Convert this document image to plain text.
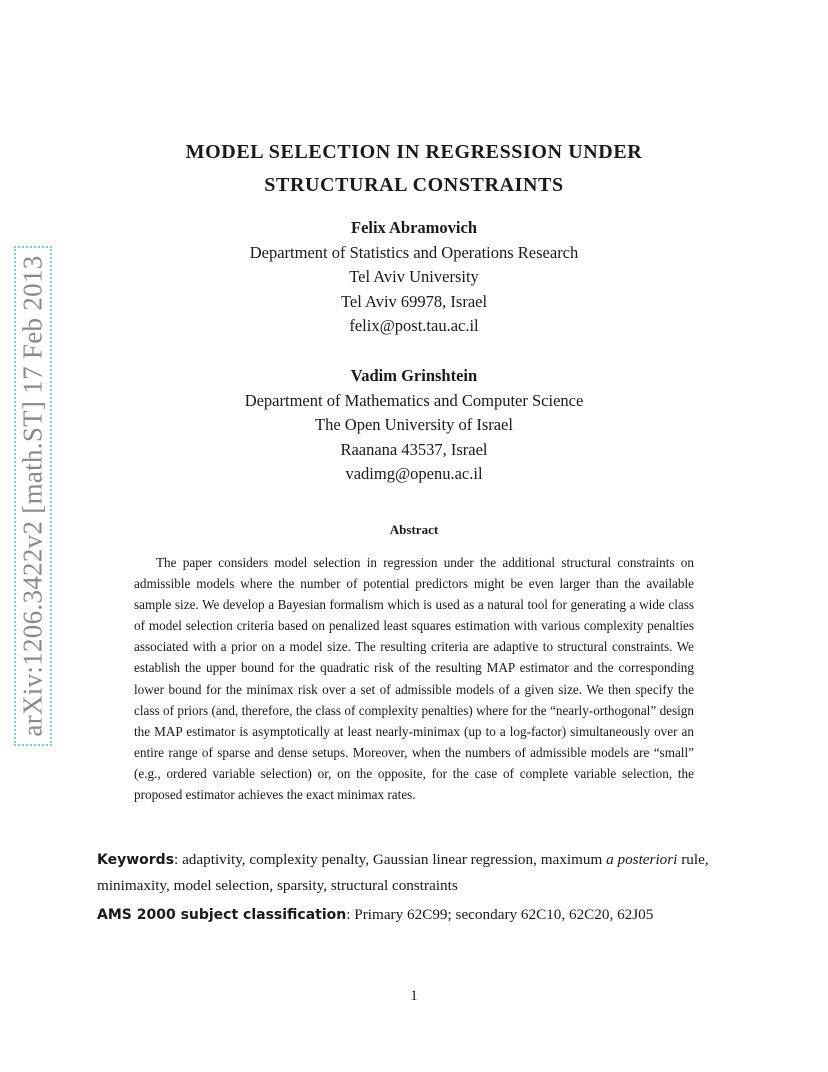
arXiv:1206.3422v2 [math.ST] 17 Feb 2013
MODEL SELECTION IN REGRESSION UNDER
STRUCTURAL CONSTRAINTS
Felix Abramovich
Department of Statistics and Operations Research
Tel Aviv University
Tel Aviv 69978, Israel
felix@post.tau.ac.il
Vadim Grinshtein
Department of Mathematics and Computer Science
The Open University of Israel
Raanana 43537, Israel
vadimg@openu.ac.il
Abstract
The paper considers model selection in regression under the additional structural constraints on admissible models where the number of potential predictors might be even larger than the available sample size. We develop a Bayesian formalism which is used as a natural tool for generating a wide class of model selection criteria based on penalized least squares estimation with various complexity penalties associated with a prior on a model size. The resulting criteria are adaptive to structural constraints. We establish the upper bound for the quadratic risk of the resulting MAP estimator and the corresponding lower bound for the minimax risk over a set of admissible models of a given size. We then specify the class of priors (and, therefore, the class of complexity penalties) where for the “nearly-orthogonal” design the MAP estimator is asymptotically at least nearly-minimax (up to a log-factor) simultaneously over an entire range of sparse and dense setups. Moreover, when the numbers of admissible models are “small” (e.g., ordered variable selection) or, on the opposite, for the case of complete variable selection, the proposed estimator achieves the exact minimax rates.
Keywords: adaptivity, complexity penalty, Gaussian linear regression, maximum a posteriori rule, minimaxity, model selection, sparsity, structural constraints
AMS 2000 subject classification: Primary 62C99; secondary 62C10, 62C20, 62J05
1
